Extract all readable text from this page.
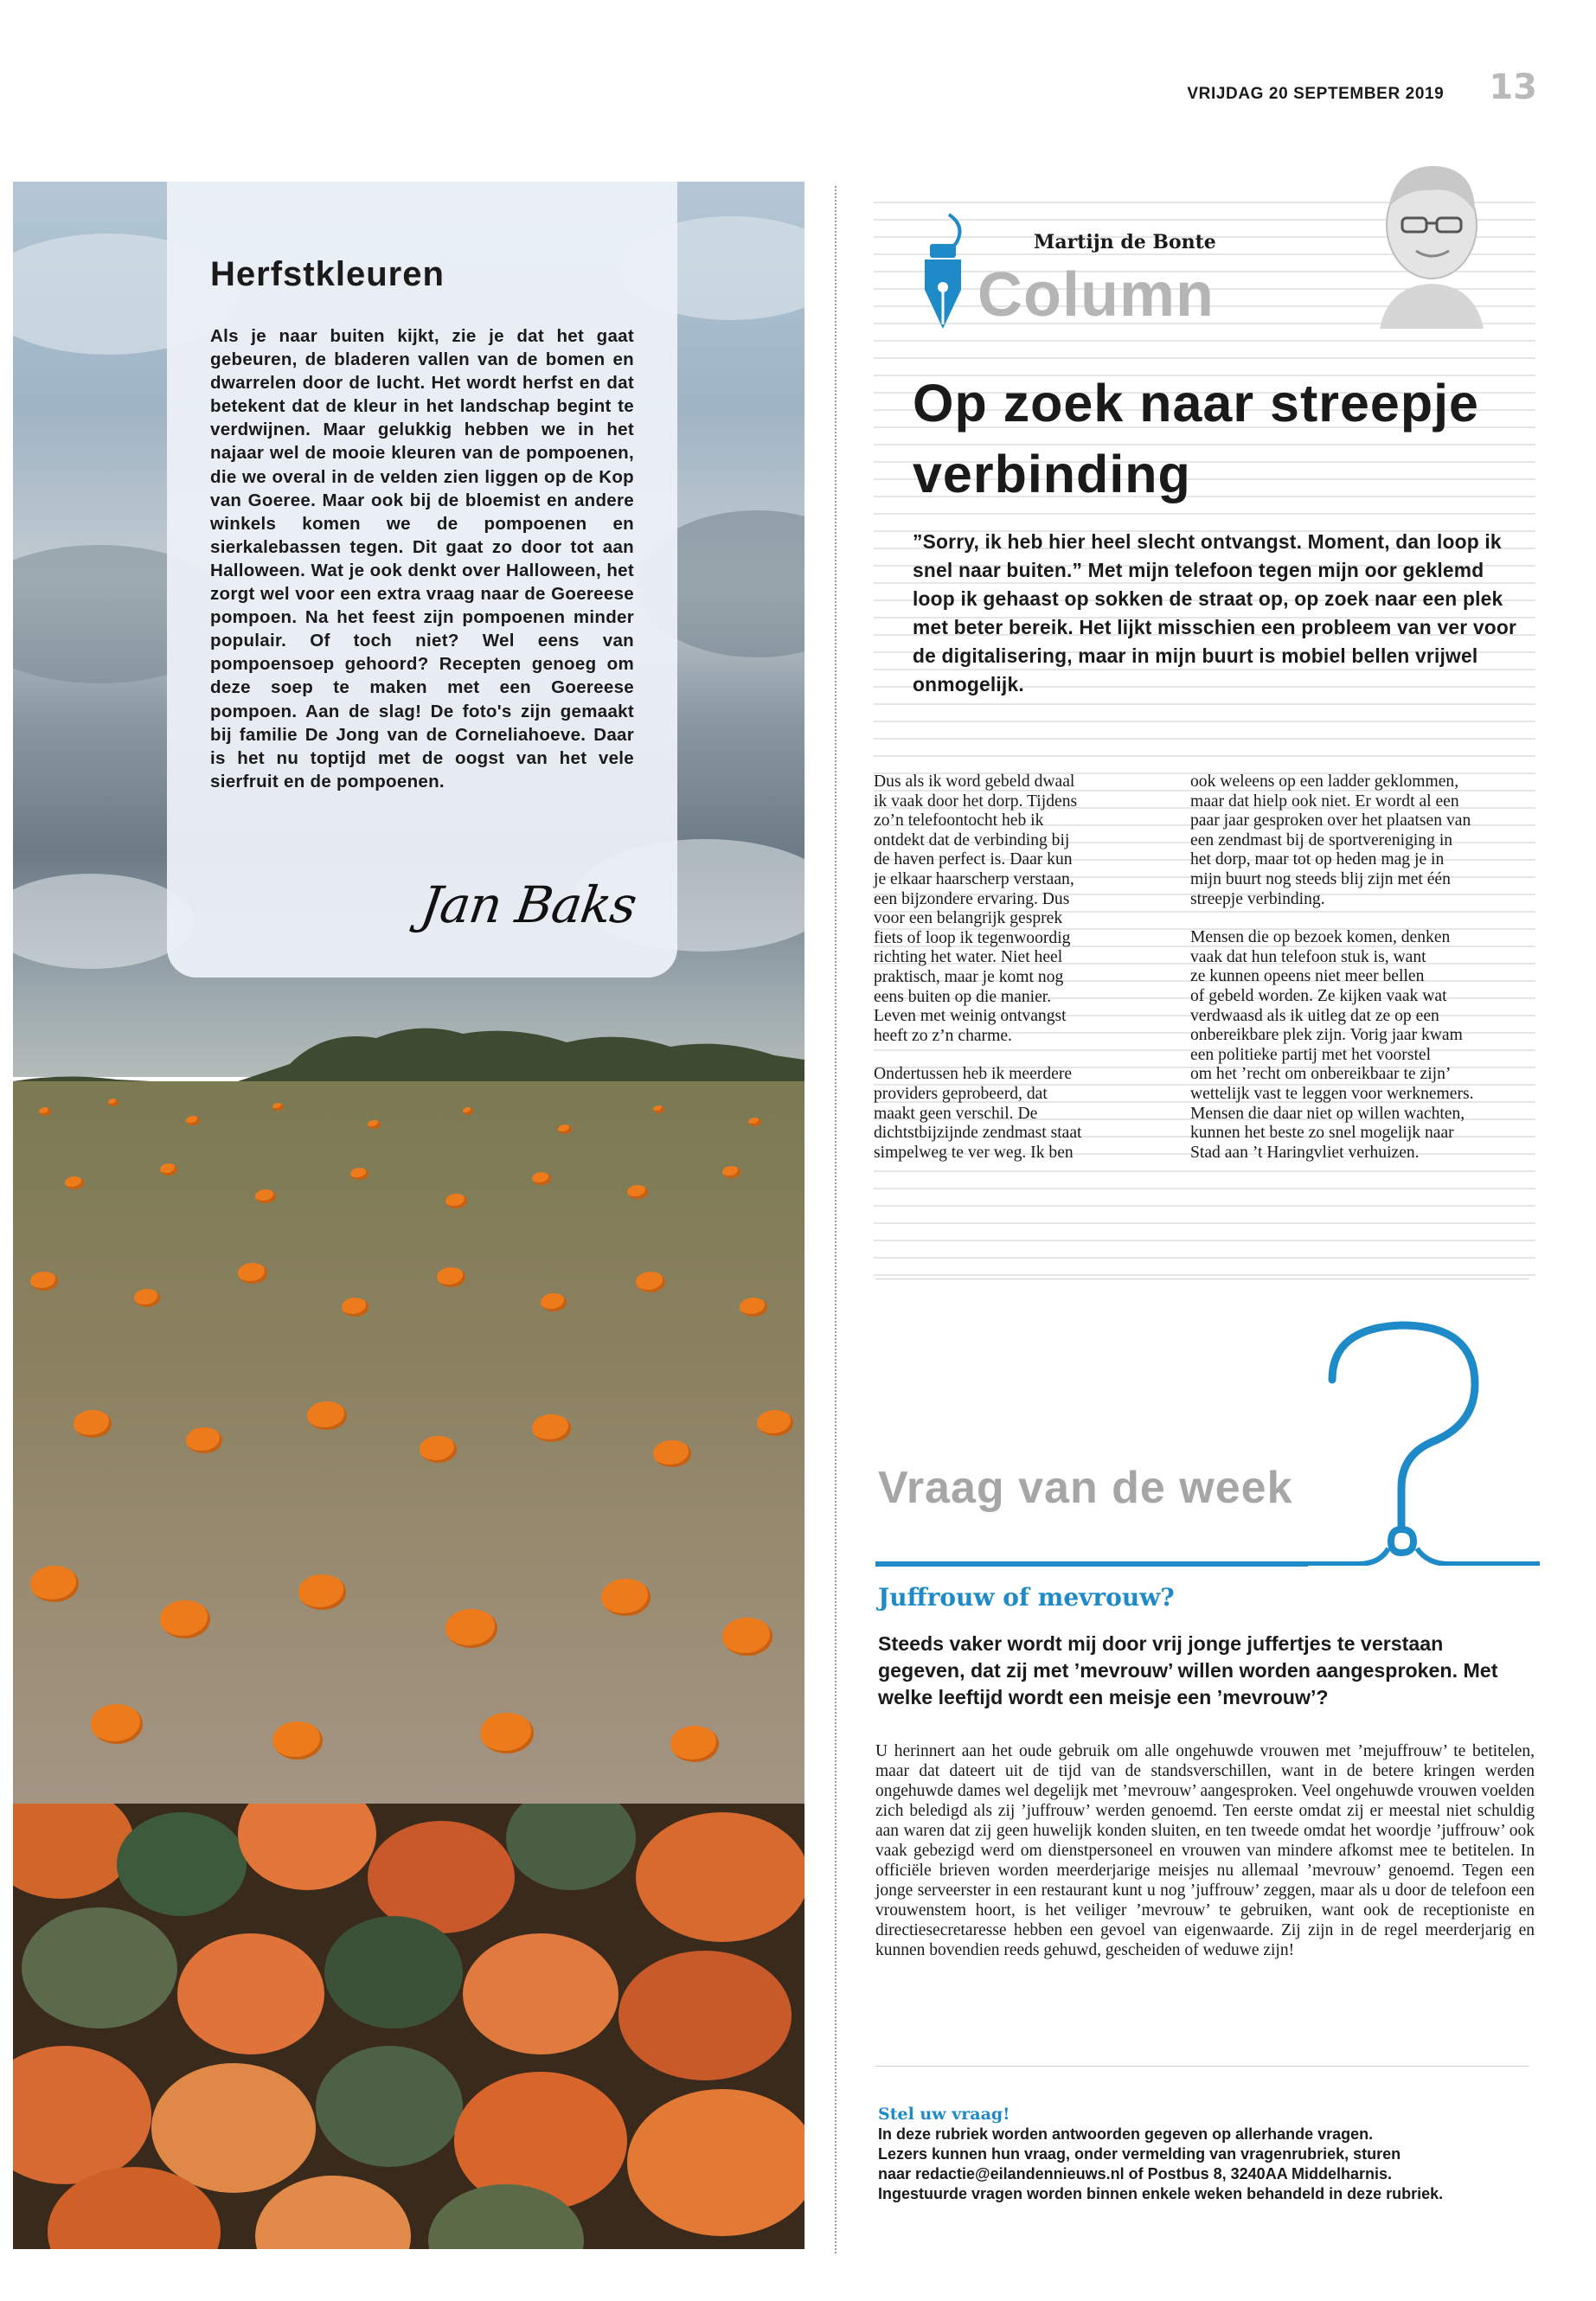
VRIJDAG 20 SEPTEMBER 2019 13
Herfstkleuren
Als je naar buiten kijkt, zie je dat het gaat gebeuren, de bladeren vallen van de bomen en dwarrelen door de lucht. Het wordt herfst en dat betekent dat de kleur in het landschap begint te verdwijnen. Maar gelukkig hebben we in het najaar wel de mooie kleuren van de pompoenen, die we overal in de velden zien liggen op de Kop van Goeree. Maar ook bij de bloemist en andere winkels komen we de pompoenen en sierkalebassen tegen. Dit gaat zo door tot aan Halloween. Wat je ook denkt over Halloween, het zorgt wel voor een extra vraag naar de Goereese pompoen. Na het feest zijn pompoenen minder populair. Of toch niet? Wel eens van pompoensoep gehoord? Recepten genoeg om deze soep te maken met een Goereese pompoen. Aan de slag! De foto's zijn gemaakt bij familie De Jong van de Corneliahoeve. Daar is het nu toptijd met de oogst van het vele sierfruit en de pompoenen.
Jan Baks
Martijn de Bonte
Column
Op zoek naar streepje verbinding
”Sorry, ik heb hier heel slecht ontvangst. Moment, dan loop ik snel naar buiten.” Met mijn telefoon tegen mijn oor geklemd loop ik gehaast op sokken de straat op, op zoek naar een plek met beter bereik. Het lijkt misschien een probleem van ver voor de digitalisering, maar in mijn buurt is mobiel bellen vrijwel onmogelijk.

Dus als ik word gebeld dwaal
ik vaak door het dorp. Tijdens
zo’n telefoontocht heb ik
ontdekt dat de verbinding bij
de haven perfect is. Daar kun
je elkaar haarscherp verstaan,
een bijzondere ervaring. Dus
voor een belangrijk gesprek
fiets of loop ik tegenwoordig
richting het water. Niet heel
praktisch, maar je komt nog
eens buiten op die manier.
Leven met weinig ontvangst
heeft zo z’n charme.

Ondertussen heb ik meerdere
providers geprobeerd, dat
maakt geen verschil. De
dichtstbijzijnde zendmast staat
simpelweg te ver weg. Ik ben

ook weleens op een ladder geklommen,
maar dat hielp ook niet. Er wordt al een
paar jaar gesproken over het plaatsen van
een zendmast bij de sportvereniging in
het dorp, maar tot op heden mag je in
mijn buurt nog steeds blij zijn met één
streepje verbinding.

Mensen die op bezoek komen, denken
vaak dat hun telefoon stuk is, want
ze kunnen opeens niet meer bellen
of gebeld worden. Ze kijken vaak wat
verdwaasd als ik uitleg dat ze op een
onbereikbare plek zijn. Vorig jaar kwam
een politieke partij met het voorstel
om het ’recht om onbereikbaar te zijn’
wettelijk vast te leggen voor werknemers.
Mensen die daar niet op willen wachten,
kunnen het beste zo snel mogelijk naar
Stad aan ’t Haringvliet verhuizen.

Vraag van de week
Juffrouw of mevrouw?
Steeds vaker wordt mij door vrij jonge juffertjes te verstaan gegeven, dat zij met ’mevrouw’ willen worden aangesproken. Met welke leeftijd wordt een meisje een ’mevrouw’?
U herinnert aan het oude gebruik om alle ongehuwde vrouwen met ’mejuffrouw’ te betitelen, maar dat dateert uit de tijd van de standsverschillen, want in de betere kringen werden ongehuwde dames wel degelijk met ’mevrouw’ aangesproken. Veel ongehuwde vrouwen voelden zich beledigd als zij ’juffrouw’ werden genoemd. Ten eerste omdat zij er meestal niet schuldig aan waren dat zij geen huwelijk konden sluiten, en ten tweede omdat het woordje ’juffrouw’ ook vaak gebezigd werd om dienstpersoneel en vrouwen van mindere afkomst mee te betitelen. In officiële brieven worden meerderjarige meisjes nu allemaal ’mevrouw’ genoemd. Tegen een jonge serveerster in een restaurant kunt u nog ’juffrouw’ zeggen, maar als u door de telefoon een vrouwenstem hoort, is het veiliger ’mevrouw’ te gebruiken, want ook de receptioniste en directiesecretaresse hebben een gevoel van eigenwaarde. Zij zijn in de regel meerderjarig en kunnen bovendien reeds gehuwd, gescheiden of weduwe zijn!
Stel uw vraag!
In deze rubriek worden antwoorden gegeven op allerhande vragen.
Lezers kunnen hun vraag, onder vermelding van vragenrubriek, sturen
naar redactie@eilandennieuws.nl of Postbus 8, 3240AA Middelharnis.
Ingestuurde vragen worden binnen enkele weken behandeld in deze rubriek.
